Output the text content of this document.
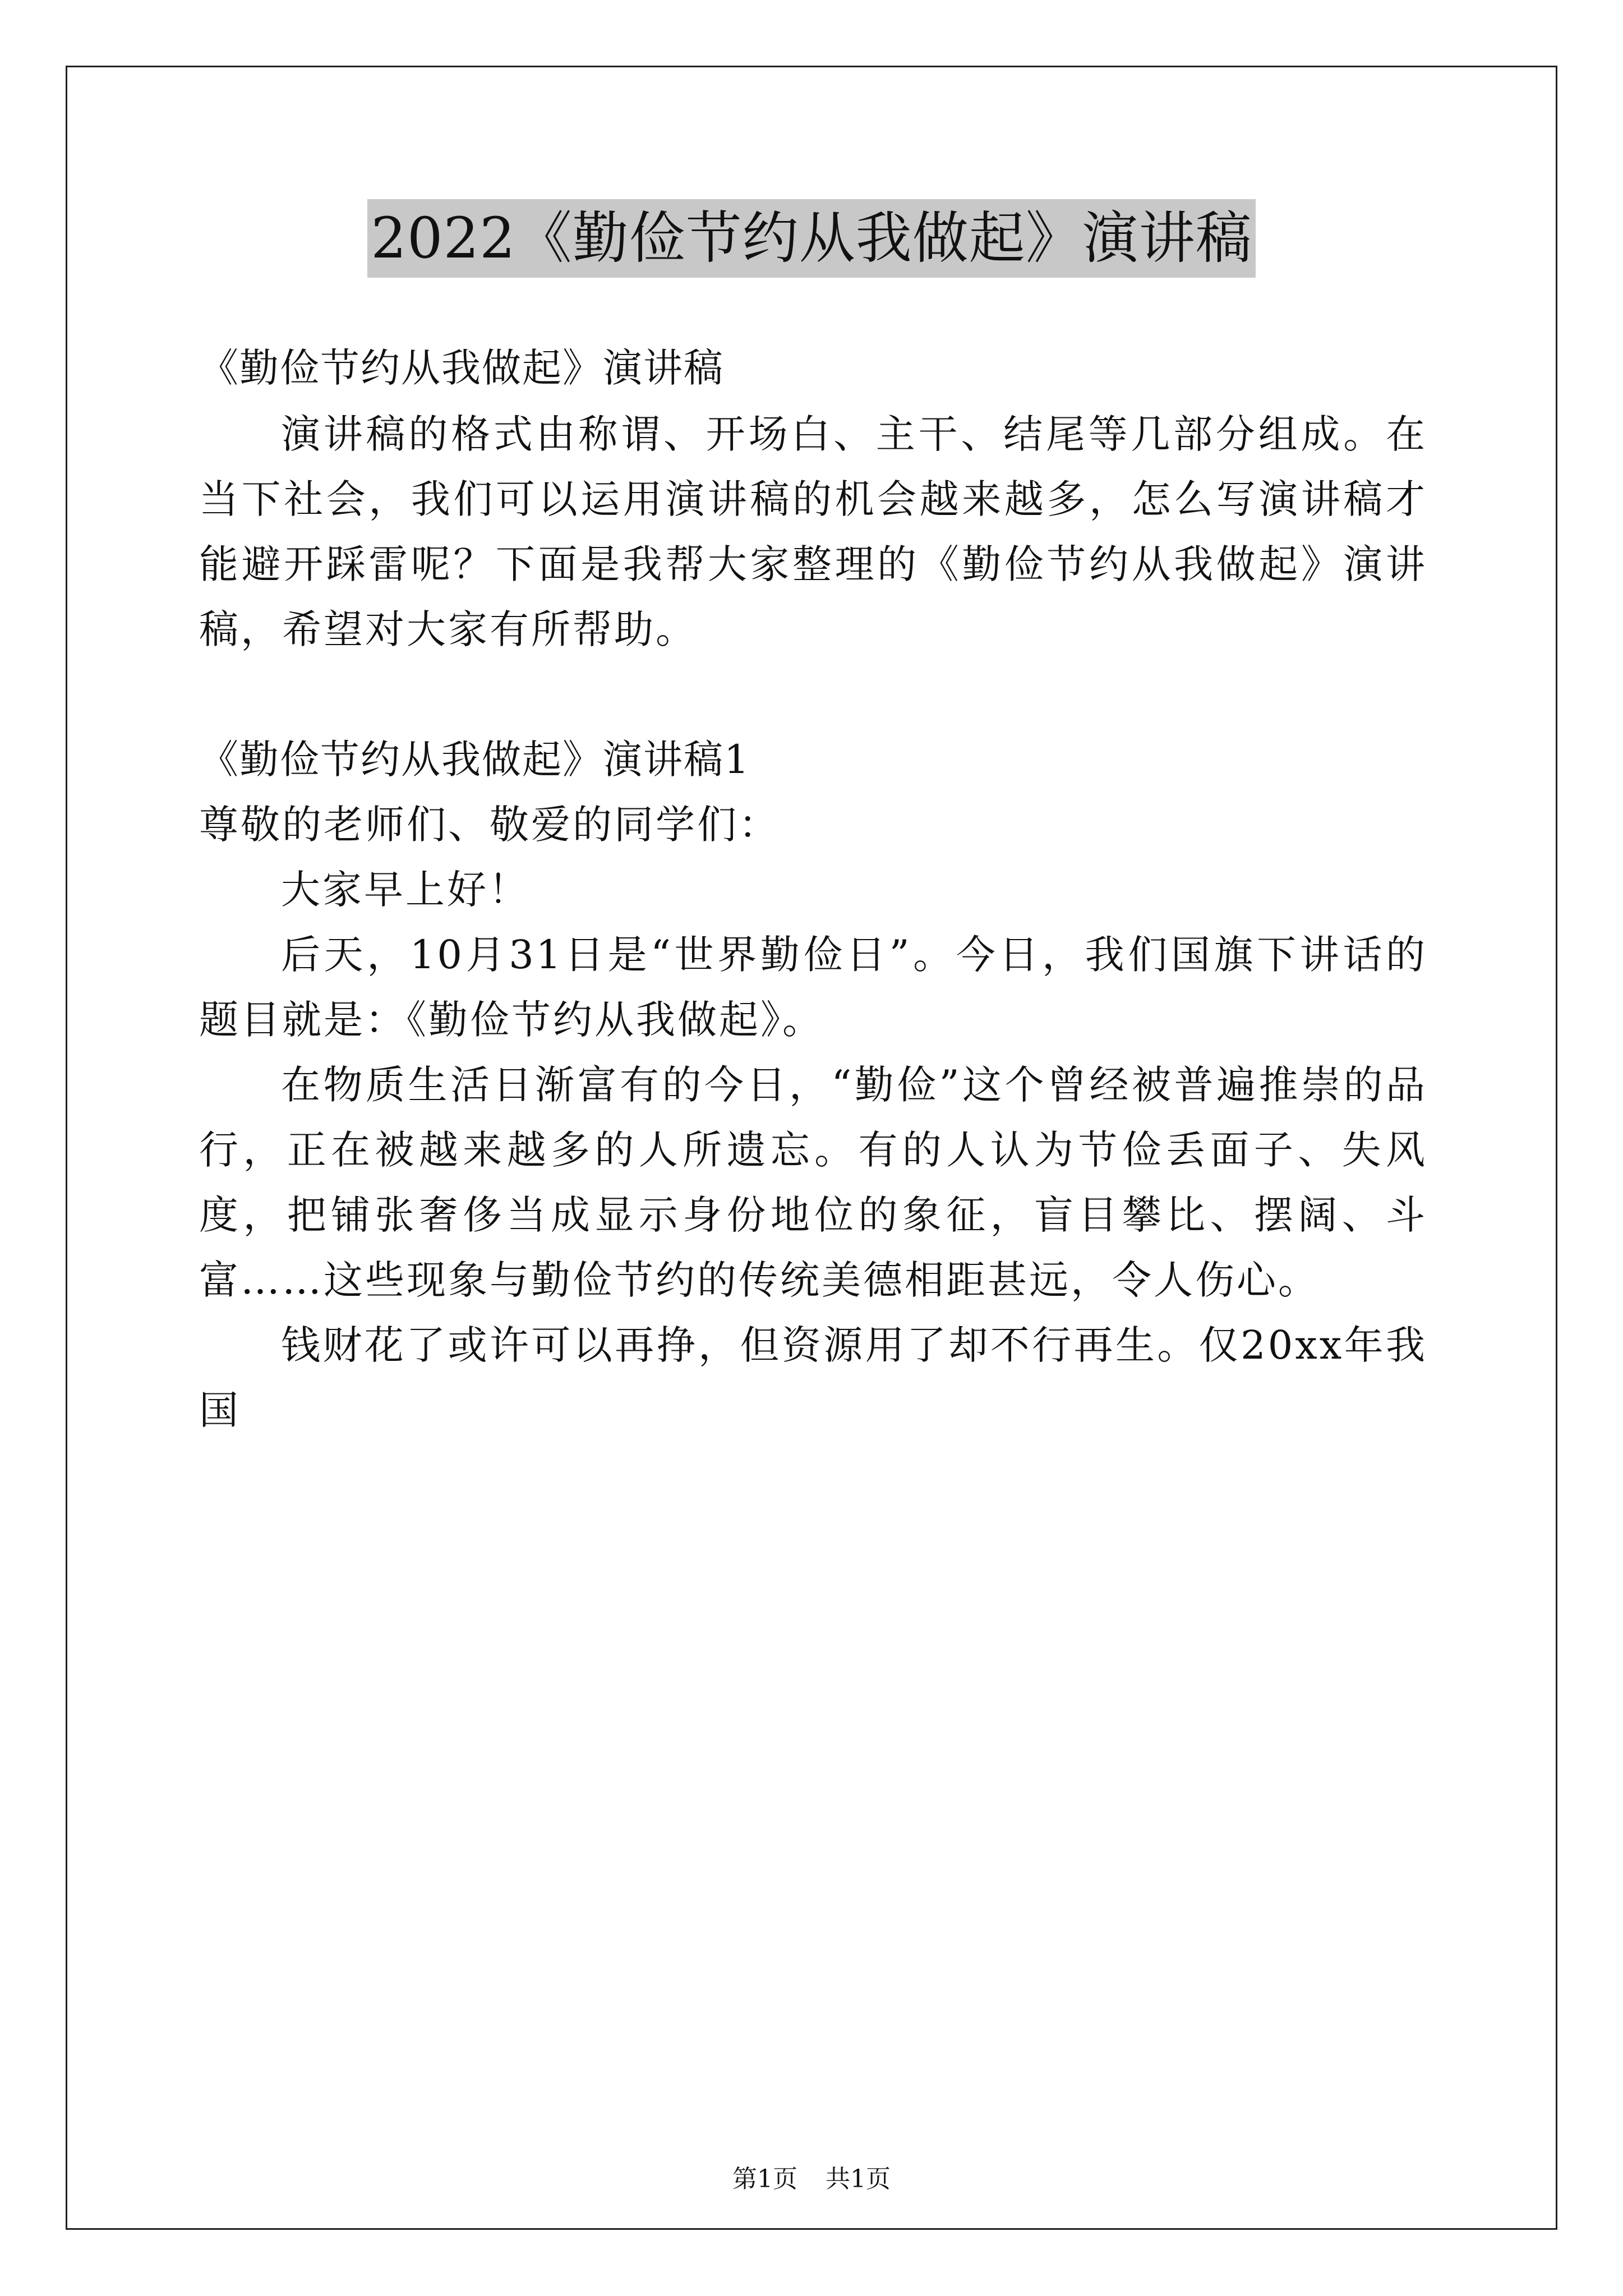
2022《勤俭节约从我做起》演讲稿

《勤俭节约从我做起》演讲稿

演讲稿的格式由称谓、开场白、主干、结尾等几部分组成。在当下社会，我们可以运用演讲稿的机会越来越多，怎么写演讲稿才能避开踩雷呢？下面是我帮大家整理的《勤俭节约从我做起》演讲稿，希望对大家有所帮助。

《勤俭节约从我做起》演讲稿1

尊敬的老师们、敬爱的同学们：

大家早上好！

后天，10月31日是“世界勤俭日”。今日，我们国旗下讲话的题目就是：《勤俭节约从我做起》。

在物质生活日渐富有的今日，“勤俭”这个曾经被普遍推崇的品行，正在被越来越多的人所遗忘。有的人认为节俭丢面子、失风度，把铺张奢侈当成显示身份地位的象征，盲目攀比、摆阔、斗富……这些现象与勤俭节约的传统美德相距甚远，令人伤心。

钱财花了或许可以再挣，但资源用了却不行再生。仅20xx年我国

第1页 共1页
